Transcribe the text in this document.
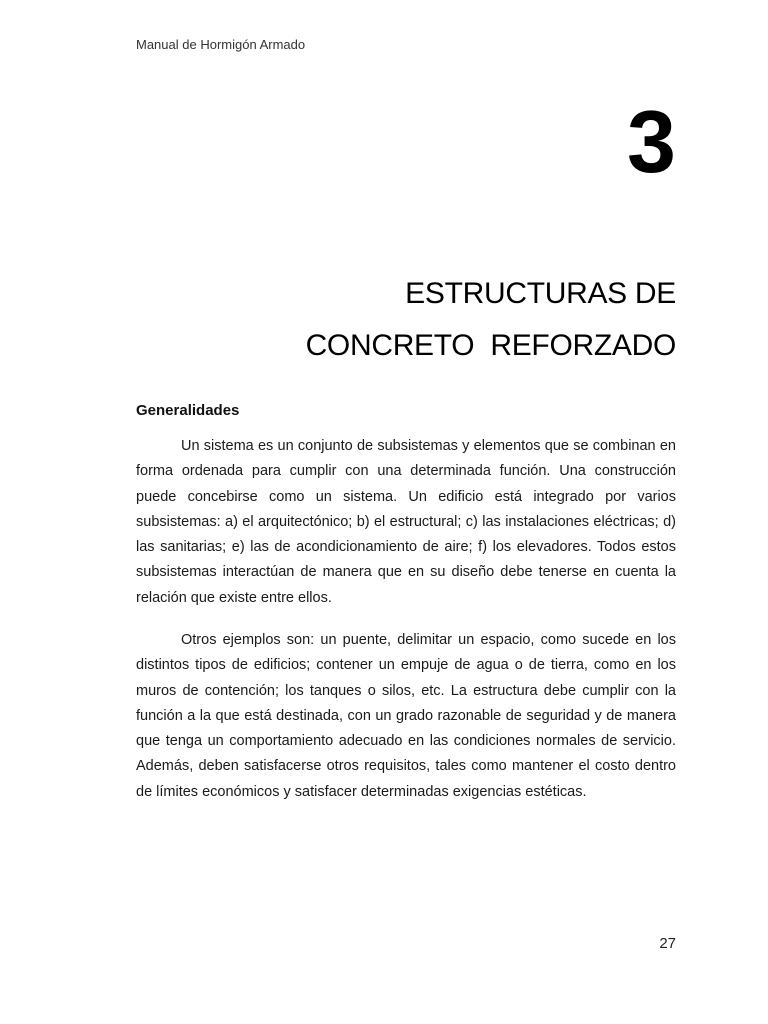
Manual de Hormigón Armado
3
ESTRUCTURAS DE
CONCRETO  REFORZADO
Generalidades

Un sistema es un conjunto de subsistemas y elementos que se combinan en forma ordenada para cumplir con una determinada función. Una construcción puede concebirse como un sistema. Un edificio está integrado por varios subsistemas: a) el arquitectónico; b) el estructural; c) las instalaciones eléctricas; d) las sanitarias; e) las de acondicionamiento de aire; f) los elevadores. Todos estos subsistemas interactúan de manera que en su diseño debe tenerse en cuenta la relación que existe entre ellos.

Otros ejemplos son: un puente, delimitar un espacio, como sucede en los distintos tipos de edificios; contener un empuje de agua o de tierra, como en los muros de contención; los tanques o silos, etc. La estructura debe cumplir con la función a la que está destinada, con un grado razonable de seguridad y de manera que tenga un comportamiento adecuado en las condiciones normales de servicio. Además, deben satisfacerse otros requisitos, tales como mantener el costo dentro de límites económicos y satisfacer determinadas exigencias estéticas.

27
